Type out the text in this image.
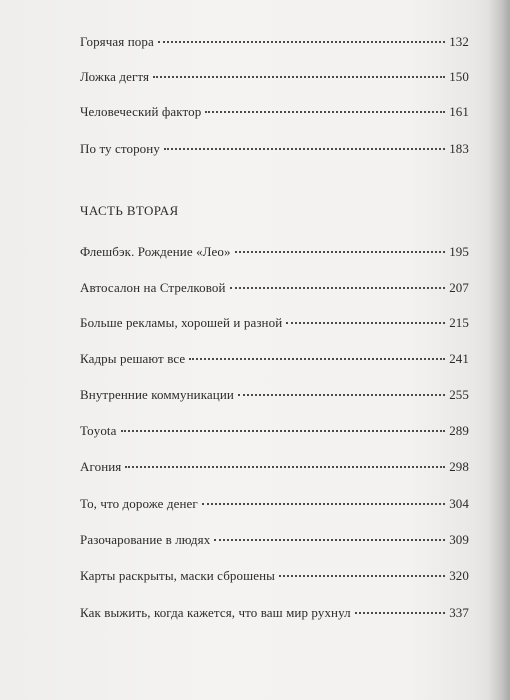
Горячая пора	132
Ложка дегтя	150
Человеческий фактор	161
По ту сторону	183
ЧАСТЬ ВТОРАЯ
Флешбэк. Рождение «Лео»	195
Автосалон на Стрелковой	207
Больше рекламы, хорошей и разной	215
Кадры решают все	241
Внутренние коммуникации	255
Toyota	289
Агония	298
То, что дороже денег	304
Разочарование в людях	309
Карты раскрыты, маски сброшены	320
Как выжить, когда кажется, что ваш мир рухнул	337
